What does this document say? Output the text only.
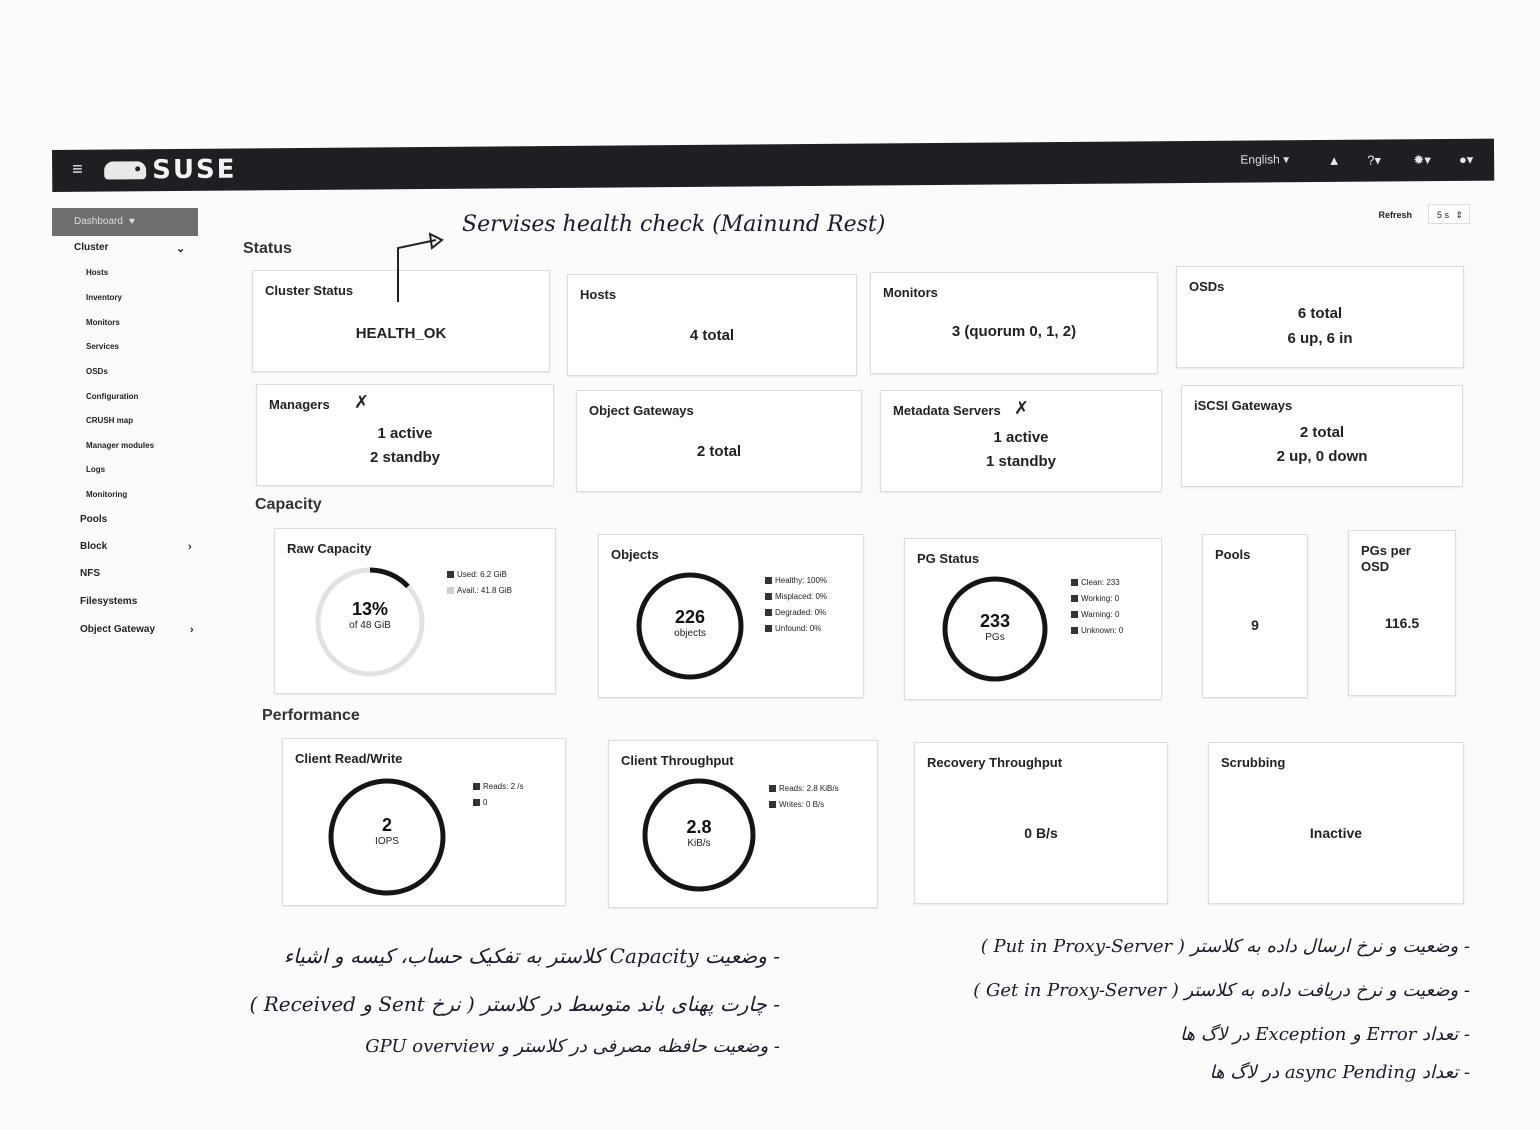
≡	SUSE	English ▾	▲ ?▾ ✹▾ ●▾
Dashboard ♥
Cluster	⌄
Hosts
Inventory
Monitors
Services
OSDs
Configuration
CRUSH map
Manager modules
Logs
Monitoring
Pools
Block	›
NFS
Filesystems
Object Gateway	›
Refresh	5 s ⇕
Status
Capacity
Performance
Cluster Status
HEALTH_OK
Hosts
4 total
Monitors
3 (quorum 0, 1, 2)
OSDs
6 total
6 up, 6 in
Managers
1 active
2 standby
Object Gateways
2 total
Metadata Servers
1 active
1 standby
iSCSI Gateways
2 total
2 up, 0 down
Raw Capacity
13%
of 48 GiB
Used: 6.2 GiB
Avail.: 41.8 GiB
Objects
226
objects
Healthy: 100%
Misplaced: 0%
Degraded: 0%
Unfound: 0%
PG Status
233
PGs
Clean: 233
Working: 0
Warning: 0
Unknown: 0
Pools
9
PGs per
OSD
116.5
Client Read/Write
2
IOPS
Reads: 2 /s
0
Client Throughput
2.8
KiB/s
Reads: 2.8 KiB/s
Writes: 0 B/s
Recovery Throughput
0 B/s
Scrubbing
Inactive
Servises health check (Mainund Rest)
✗	✗
- وضعیت Capacity کلاستر به تفکیک حساب، کیسه و اشیاء
- چارت پهنای باند متوسط در کلاستر ( نرخ Sent و Received )
- وضعیت حافظه مصرفی در کلاستر و GPU overview
- وضعیت و نرخ ارسال داده به کلاستر ( Put in Proxy-Server )
- وضعیت و نرخ دریافت داده به کلاستر ( Get in Proxy-Server )
- تعداد Error و Exception در لاگ ها
- تعداد async Pending در لاگ ها
